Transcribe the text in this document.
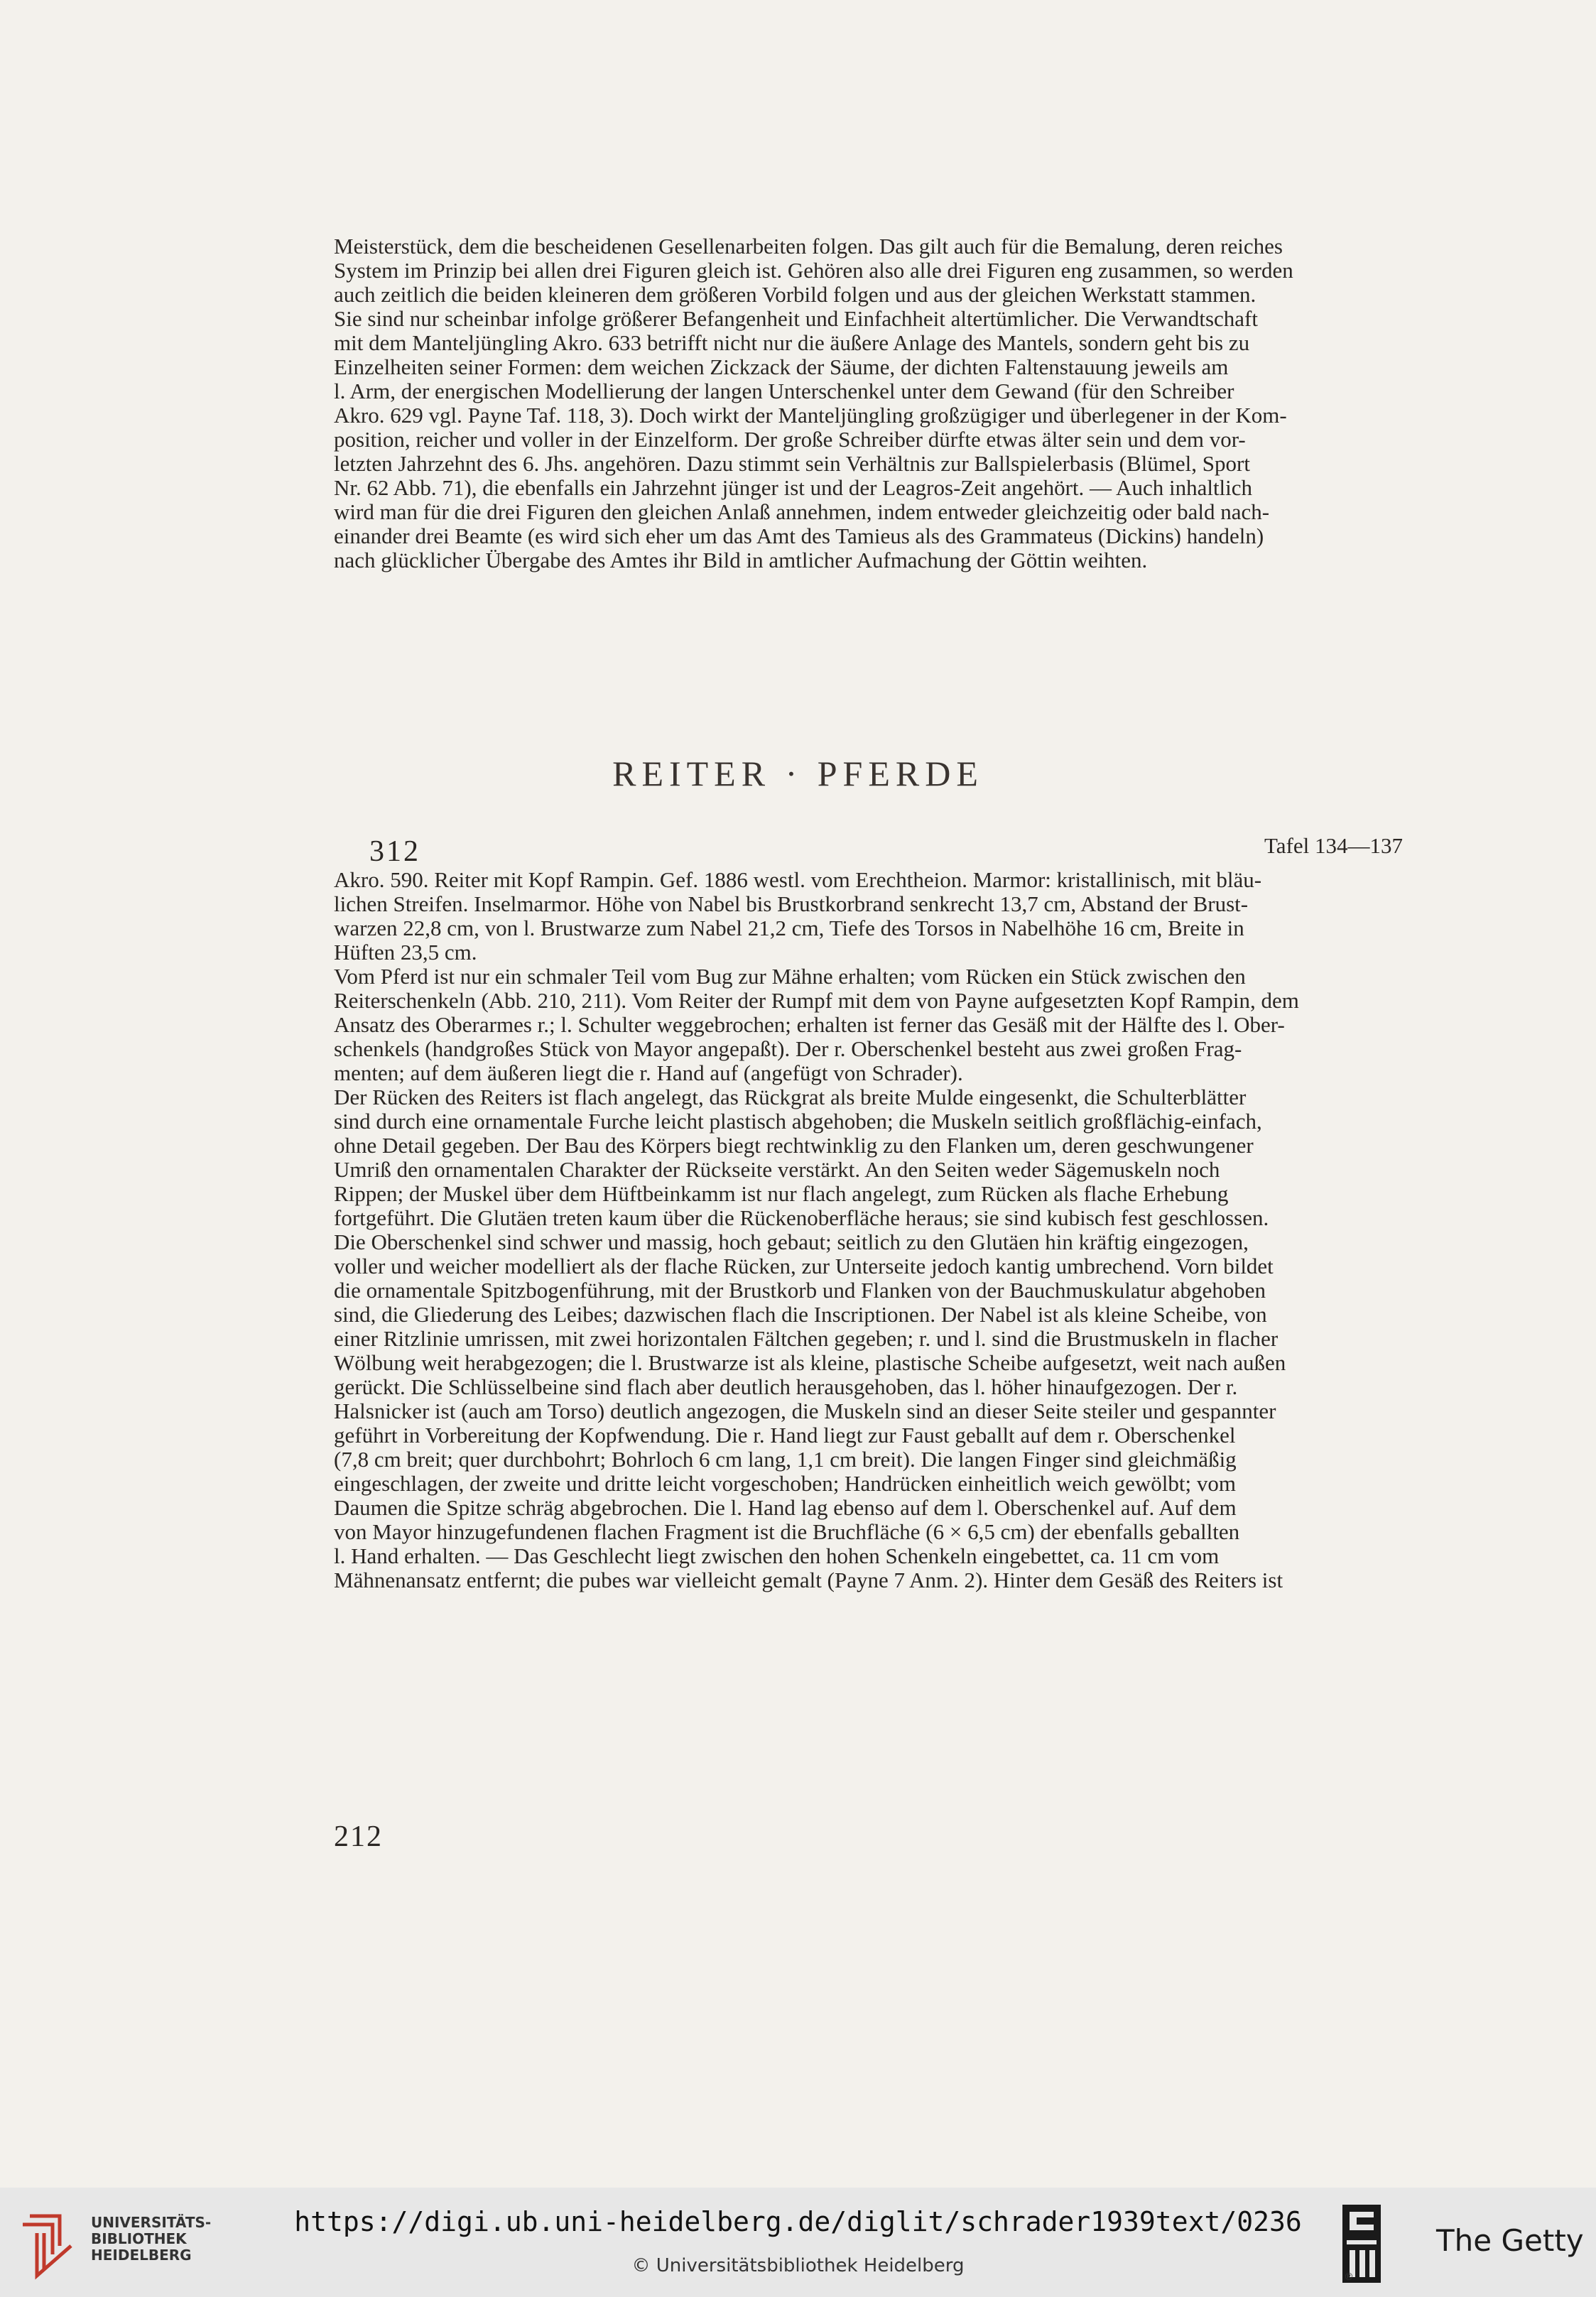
Meisterstück, dem die bescheidenen Gesellenarbeiten folgen. Das gilt auch für die Bemalung, deren reiches
System im Prinzip bei allen drei Figuren gleich ist. Gehören also alle drei Figuren eng zusammen, so werden
auch zeitlich die beiden kleineren dem größeren Vorbild folgen und aus der gleichen Werkstatt stammen.
Sie sind nur scheinbar infolge größerer Befangenheit und Einfachheit altertümlicher. Die Verwandtschaft
mit dem Manteljüngling Akro. 633 betrifft nicht nur die äußere Anlage des Mantels, sondern geht bis zu
Einzelheiten seiner Formen: dem weichen Zickzack der Säume, der dichten Faltenstauung jeweils am
l. Arm, der energischen Modellierung der langen Unterschenkel unter dem Gewand (für den Schreiber
Akro. 629 vgl. Payne Taf. 118, 3). Doch wirkt der Manteljüngling großzügiger und überlegener in der Kom-
position, reicher und voller in der Einzelform. Der große Schreiber dürfte etwas älter sein und dem vor-
letzten Jahrzehnt des 6. Jhs. angehören. Dazu stimmt sein Verhältnis zur Ballspielerbasis (Blümel, Sport
Nr. 62 Abb. 71), die ebenfalls ein Jahrzehnt jünger ist und der Leagros-Zeit angehört. — Auch inhaltlich
wird man für die drei Figuren den gleichen Anlaß annehmen, indem entweder gleichzeitig oder bald nach-
einander drei Beamte (es wird sich eher um das Amt des Tamieus als des Grammateus (Dickins) handeln)
nach glücklicher Übergabe des Amtes ihr Bild in amtlicher Aufmachung der Göttin weihten.

REITER · PFERDE
312	Tafel 134—137

Akro. 590. Reiter mit Kopf Rampin. Gef. 1886 westl. vom Erechtheion. Marmor: kristallinisch, mit bläu-
lichen Streifen. Inselmarmor. Höhe von Nabel bis Brustkorbrand senkrecht 13,7 cm, Abstand der Brust-
warzen 22,8 cm, von l. Brustwarze zum Nabel 21,2 cm, Tiefe des Torsos in Nabelhöhe 16 cm, Breite in
Hüften 23,5 cm.
Vom Pferd ist nur ein schmaler Teil vom Bug zur Mähne erhalten; vom Rücken ein Stück zwischen den
Reiterschenkeln (Abb. 210, 211). Vom Reiter der Rumpf mit dem von Payne aufgesetzten Kopf Rampin, dem
Ansatz des Oberarmes r.; l. Schulter weggebrochen; erhalten ist ferner das Gesäß mit der Hälfte des l. Ober-
schenkels (handgroßes Stück von Mayor angepaßt). Der r. Oberschenkel besteht aus zwei großen Frag-
menten; auf dem äußeren liegt die r. Hand auf (angefügt von Schrader).
Der Rücken des Reiters ist flach angelegt, das Rückgrat als breite Mulde eingesenkt, die Schulterblätter
sind durch eine ornamentale Furche leicht plastisch abgehoben; die Muskeln seitlich großflächig-einfach,
ohne Detail gegeben. Der Bau des Körpers biegt rechtwinklig zu den Flanken um, deren geschwungener
Umriß den ornamentalen Charakter der Rückseite verstärkt. An den Seiten weder Sägemuskeln noch
Rippen; der Muskel über dem Hüftbeinkamm ist nur flach angelegt, zum Rücken als flache Erhebung
fortgeführt. Die Glutäen treten kaum über die Rückenoberfläche heraus; sie sind kubisch fest geschlossen.
Die Oberschenkel sind schwer und massig, hoch gebaut; seitlich zu den Glutäen hin kräftig eingezogen,
voller und weicher modelliert als der flache Rücken, zur Unterseite jedoch kantig umbrechend. Vorn bildet
die ornamentale Spitzbogenführung, mit der Brustkorb und Flanken von der Bauchmuskulatur abgehoben
sind, die Gliederung des Leibes; dazwischen flach die Inscriptionen. Der Nabel ist als kleine Scheibe, von
einer Ritzlinie umrissen, mit zwei horizontalen Fältchen gegeben; r. und l. sind die Brustmuskeln in flacher
Wölbung weit herabgezogen; die l. Brustwarze ist als kleine, plastische Scheibe aufgesetzt, weit nach außen
gerückt. Die Schlüsselbeine sind flach aber deutlich herausgehoben, das l. höher hinaufgezogen. Der r.
Halsnicker ist (auch am Torso) deutlich angezogen, die Muskeln sind an dieser Seite steiler und gespannter
geführt in Vorbereitung der Kopfwendung. Die r. Hand liegt zur Faust geballt auf dem r. Oberschenkel
(7,8 cm breit; quer durchbohrt; Bohrloch 6 cm lang, 1,1 cm breit). Die langen Finger sind gleichmäßig
eingeschlagen, der zweite und dritte leicht vorgeschoben; Handrücken einheitlich weich gewölbt; vom
Daumen die Spitze schräg abgebrochen. Die l. Hand lag ebenso auf dem l. Oberschenkel auf. Auf dem
von Mayor hinzugefundenen flachen Fragment ist die Bruchfläche (6 × 6,5 cm) der ebenfalls geballten
l. Hand erhalten. — Das Geschlecht liegt zwischen den hohen Schenkeln eingebettet, ca. 11 cm vom
Mähnenansatz entfernt; die pubes war vielleicht gemalt (Payne 7 Anm. 2). Hinter dem Gesäß des Reiters ist

212
UNIVERSITÄTS-
BIBLIOTHEK
HEIDELBERG
https://digi.ub.uni-heidelberg.de/diglit/schrader1939text/0236
© Universitätsbibliothek Heidelberg
®
The Getty
